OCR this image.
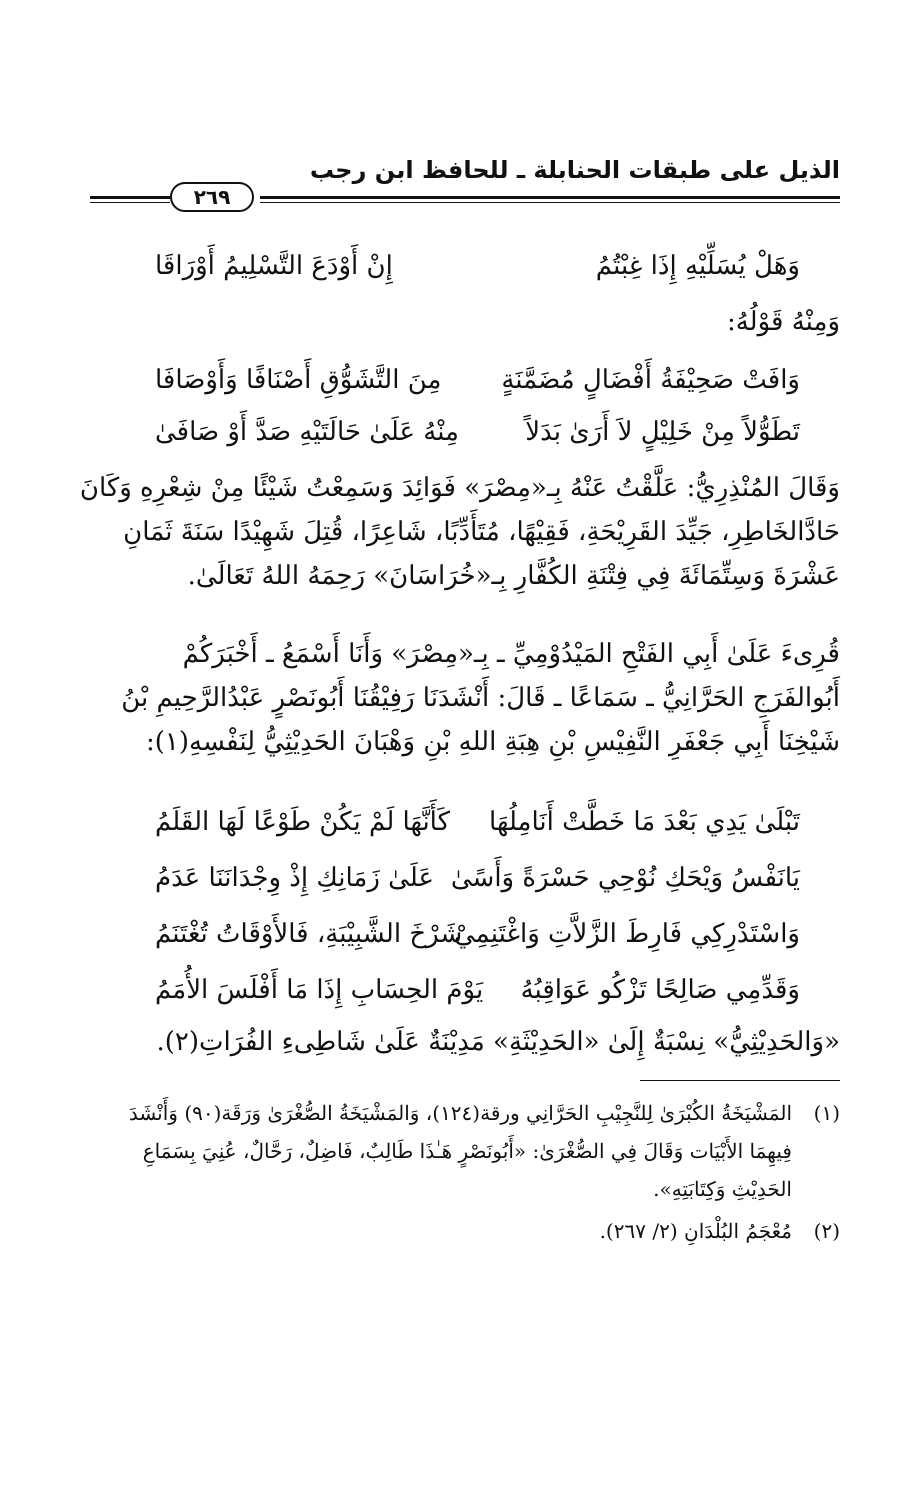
الذيل على طبقات الحنابلة ـ للحافظ ابن رجب
٢٦٩
وَهَلْ يُسَلِّيْهِ إِذَا غِبْتُمُ
إِنْ أَوْدَعَ التَّسْلِيمُ أَوْرَاقَا
وَمِنْهُ قَوْلُهُ:
وَافَتْ صَحِيْفَةُ أَفْضَالٍ مُضَمَّنَةٍ
مِنَ التَّشَوُّقِ أَصْنَافًا وَأَوْصَافَا
تَطَوُّلاً مِنْ خَلِيْلٍ لاَ أَرَىٰ بَدَلاً
مِنْهُ عَلَىٰ حَالَتَيْهِ صَدَّ أَوْ صَافَىٰ
وَقَالَ المُنْذِرِيُّ: عَلَّقْتُ عَنْهُ بِـ«مِصْرَ» فَوَائِدَ وَسَمِعْتُ شَيْئًا مِنْ شِعْرِهِ وَكَانَ
حَادَّالخَاطِرِ، جَيِّدَ القَرِيْحَةِ، فَقِيْهًا، مُتَأَدِّبًا، شَاعِرًا، قُتِلَ شَهِيْدًا سَنَةَ ثَمَانِ
عَشْرَةَ وَسِتِّمَائَةَ فِي فِتْنَةِ الكُفَّارِ بِـ«خُرَاسَانَ» رَحِمَهُ اللهُ تَعَالَىٰ.
قُرِىءَ عَلَىٰ أَبِي الفَتْحِ المَيْدُوْمِيِّ ـ بِـ«مِصْرَ» وَأَنَا أَسْمَعُ ـ أَخْبَرَكُمْ
أَبُوالفَرَجِ الحَرَّانِيُّ ـ سَمَاعًا ـ قَالَ: أَنْشَدَنَا رَفِيْقُنَا أَبُونَصْرٍ عَبْدُالرَّحِيمِ بْنُ
شَيْخِنَا أَبِي جَعْفَرِ النَّفِيْسِ بْنِ هِبَةِ اللهِ بْنِ وَهْبَانَ الحَدِيْثِيُّ لِنَفْسِهِ(١):
تَبْلَىٰ يَدِي بَعْدَ مَا خَطَّتْ أَنَامِلُهَا
كَأَنَّهَا لَمْ يَكُنْ طَوْعًا لَهَا القَلَمُ
يَانَفْسُ وَيْحَكِ نُوْحِي حَسْرَةً وَأَسًىٰ
عَلَىٰ زَمَانِكِ إِذْ وِجْدَانَنَا عَدَمُ
وَاسْتَدْرِكِي فَارِطَ الزَّلاَّتِ وَاغْتَنِمِيْ
شَرْخَ الشَّبِيْبَةِ، فَالأَوْقَاتُ تُغْتَنَمُ
وَقَدِّمِي صَالِحًا تَزْكُو عَوَاقِبُهُ
يَوْمَ الحِسَابِ إِذَا مَا أَفْلَسَ الأُمَمُ
«وَالحَدِيْثِيُّ» نِسْبَةٌ إِلَىٰ «الحَدِيْثَةِ» مَدِيْنَةٌ عَلَىٰ شَاطِىءِ الفُرَاتِ(٢).
(١)المَشْيَخَةُ الكُبْرَىٰ لِلنَّجِيْبِ الحَرَّانِي ورقة(١٢٤)، وَالمَشْيَخَةُ الصُّغْرَىٰ وَرَقَة(٩٠) وَأَنْشَدَ
فِيهِمَا الأَبْيَات وَقَالَ فِي الصُّغْرَىٰ: «أَبُونَصْرٍ هَـٰذَا طَالِبٌ، فَاضِلٌ، رَحَّالٌ، عُنِيَ بِسَمَاعِ
الحَدِيْثِ وَكِتَابَتِهِ».
(٢)مُعْجَمُ البُلْدَانِ (٢/ ٢٦٧).
